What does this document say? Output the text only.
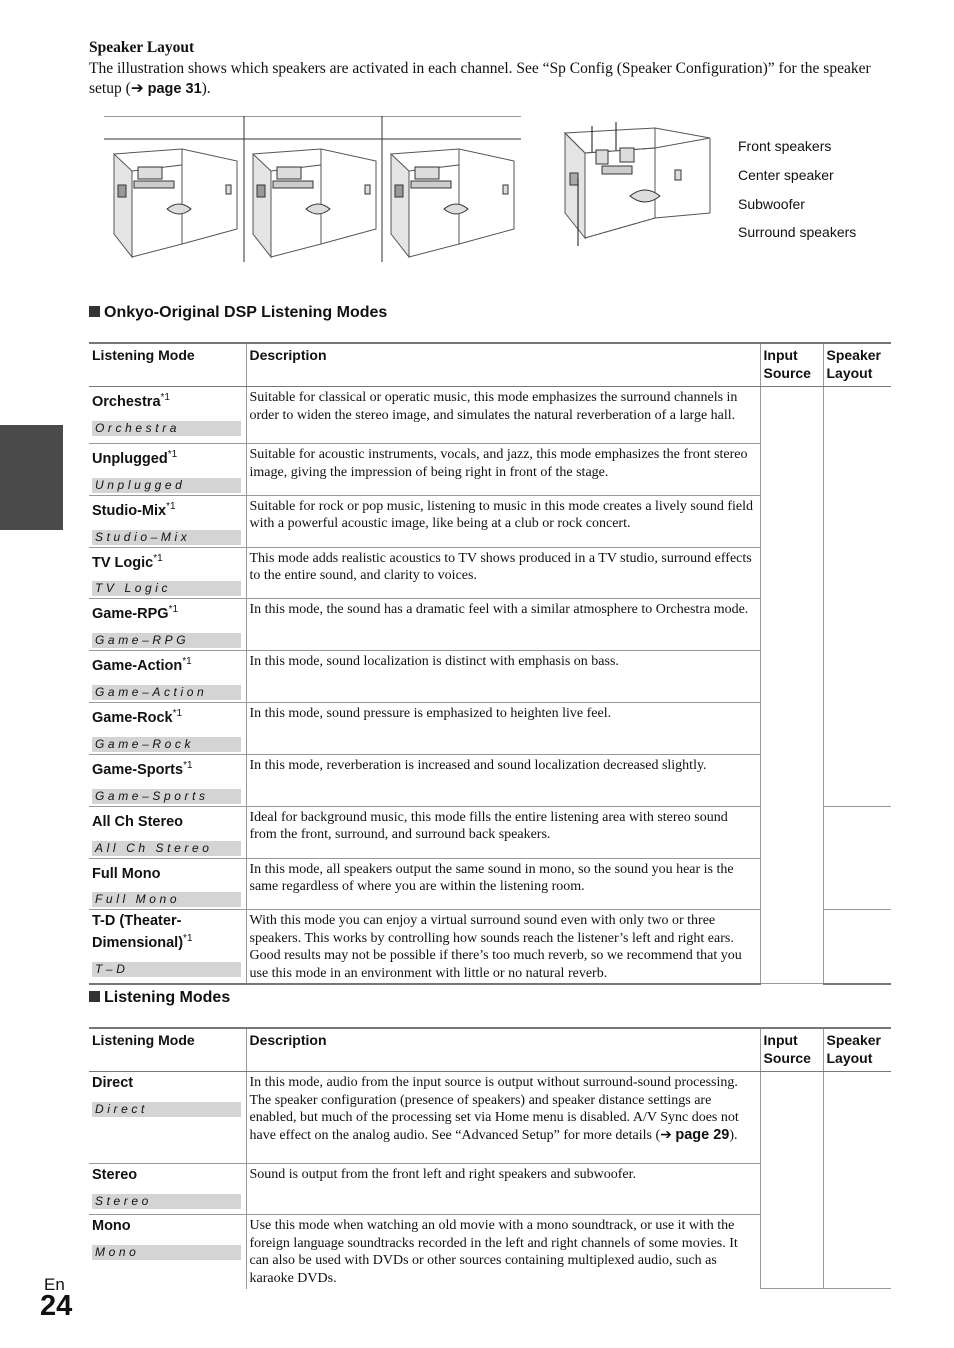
Speaker Layout
The illustration shows which speakers are activated in each channel. See “Sp Config (Speaker Configuration)” for the speaker setup (➔ page 31).
Front speakers
Center speaker
Subwoofer
Surround speakers
Onkyo-Original DSP Listening Modes
Listening Mode	Description	Input Source	Speaker Layout

Orchestra$^{*1}$
Orchestra	Suitable for classical or operatic music, this mode emphasizes the surround channels in order to widen the stereo image, and simulates the natural reverberation of a large hall.		

Unplugged$^{*1}$
Unplugged	Suitable for acoustic instruments, vocals, and jazz, this mode emphasizes the front stereo image, giving the impression of being right in front of the stage.		

Studio-Mix$^{*1}$
Studio–Mix	Suitable for rock or pop music, listening to music in this mode creates a lively sound field with a powerful acoustic image, like being at a club or rock concert.		

TV Logic$^{*1}$
TV Logic	This mode adds realistic acoustics to TV shows produced in a TV studio, surround effects to the entire sound, and clarity to voices.		

Game-RPG$^{*1}$
Game–RPG	In this mode, the sound has a dramatic feel with a similar atmosphere to Orchestra mode.		

Game-Action$^{*1}$
Game–Action	In this mode, sound localization is distinct with emphasis on bass.		

Game-Rock$^{*1}$
Game–Rock	In this mode, sound pressure is emphasized to heighten live feel.		

Game-Sports$^{*1}$
Game–Sports	In this mode, reverberation is increased and sound localization decreased slightly.		

All Ch Stereo
All Ch Stereo	Ideal for background music, this mode fills the entire listening area with stereo sound from the front, surround, and surround back speakers.		

Full Mono
Full Mono	In this mode, all speakers output the same sound in mono, so the sound you hear is the same regardless of where you are within the listening room.		

T-D (Theater-Dimensional)$^{*1}$
T–D	With this mode you can enjoy a virtual surround sound even with only two or three speakers. This works by controlling how sounds reach the listener’s left and right ears. Good results may not be possible if there’s too much reverb, so we recommend that you use this mode in an environment with little or no natural reverb.		
Listening Modes
Listening Mode	Description	Input Source	Speaker Layout

Direct
Direct	In this mode, audio from the input source is output without surround-sound processing. The speaker configuration (presence of speakers) and speaker distance settings are enabled, but much of the processing set via Home menu is disabled. A/V Sync does not have effect on the analog audio. See “Advanced Setup” for more details (➔ page 29).		

Stereo
Stereo	Sound is output from the front left and right speakers and subwoofer.		

Mono
Mono	Use this mode when watching an old movie with a mono soundtrack, or use it with the foreign language soundtracks recorded in the left and right channels of some movies. It can also be used with DVDs or other sources containing multiplexed audio, such as karaoke DVDs.		
En
24
